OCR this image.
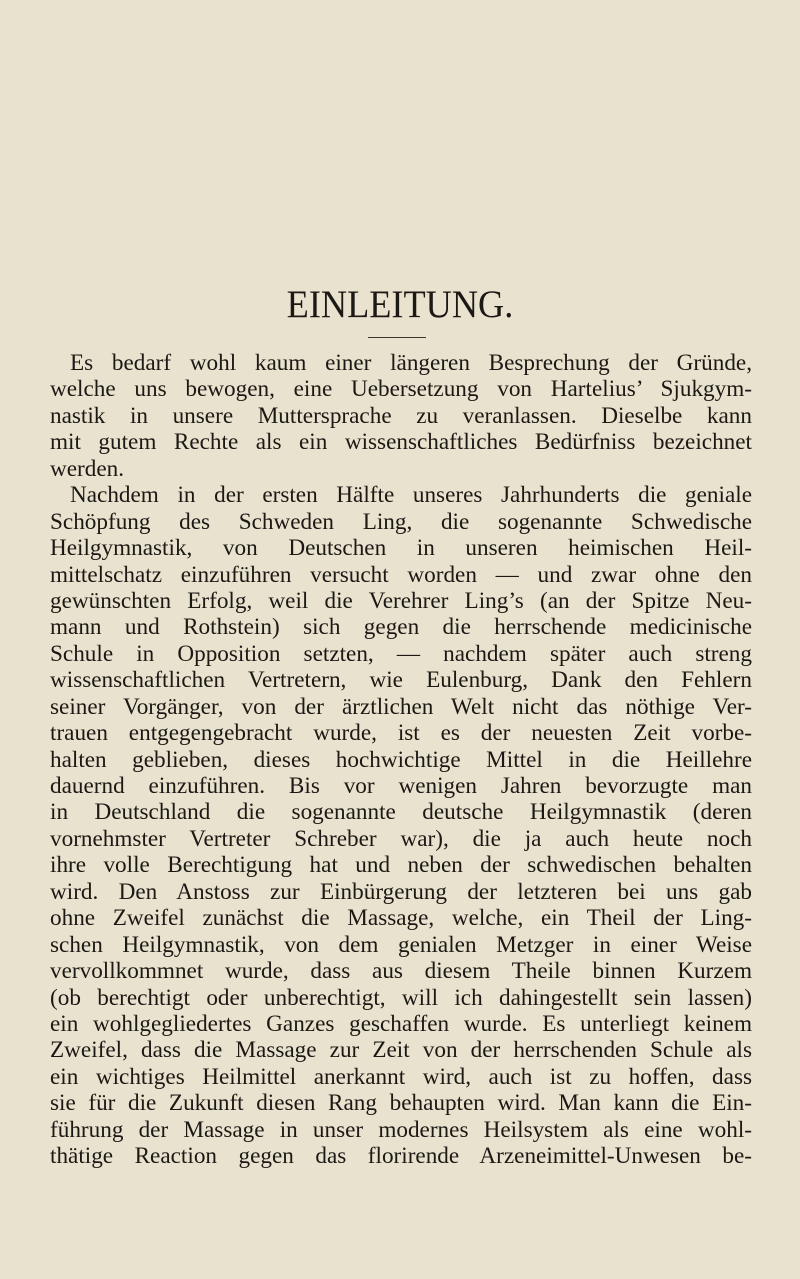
EINLEITUNG.

Es bedarf wohl kaum einer längeren Besprechung der Gründe,
welche uns bewogen, eine Uebersetzung von Hartelius’ Sjukgym-
nastik in unsere Muttersprache zu veranlassen. Dieselbe kann
mit gutem Rechte als ein wissenschaftliches Bedürfniss bezeichnet
werden.

Nachdem in der ersten Hälfte unseres Jahrhunderts die geniale
Schöpfung des Schweden Ling, die sogenannte Schwedische
Heilgymnastik, von Deutschen in unseren heimischen Heil-
mittelschatz einzuführen versucht worden — und zwar ohne den
gewünschten Erfolg, weil die Verehrer Ling’s (an der Spitze Neu-
mann und Rothstein) sich gegen die herrschende medicinische
Schule in Opposition setzten, — nachdem später auch streng
wissenschaftlichen Vertretern, wie Eulenburg, Dank den Fehlern
seiner Vorgänger, von der ärztlichen Welt nicht das nöthige Ver-
trauen entgegengebracht wurde, ist es der neuesten Zeit vorbe-
halten geblieben, dieses hochwichtige Mittel in die Heillehre
dauernd einzuführen. Bis vor wenigen Jahren bevorzugte man
in Deutschland die sogenannte deutsche Heilgymnastik (deren
vornehmster Vertreter Schreber war), die ja auch heute noch
ihre volle Berechtigung hat und neben der schwedischen behalten
wird. Den Anstoss zur Einbürgerung der letzteren bei uns gab
ohne Zweifel zunächst die Massage, welche, ein Theil der Ling-
schen Heilgymnastik, von dem genialen Metzger in einer Weise
vervollkommnet wurde, dass aus diesem Theile binnen Kurzem
(ob berechtigt oder unberechtigt, will ich dahingestellt sein lassen)
ein wohlgegliedertes Ganzes geschaffen wurde. Es unterliegt keinem
Zweifel, dass die Massage zur Zeit von der herrschenden Schule als
ein wichtiges Heilmittel anerkannt wird, auch ist zu hoffen, dass
sie für die Zukunft diesen Rang behaupten wird. Man kann die Ein-
führung der Massage in unser modernes Heilsystem als eine wohl-
thätige Reaction gegen das florirende Arzeneimittel-Unwesen be-
